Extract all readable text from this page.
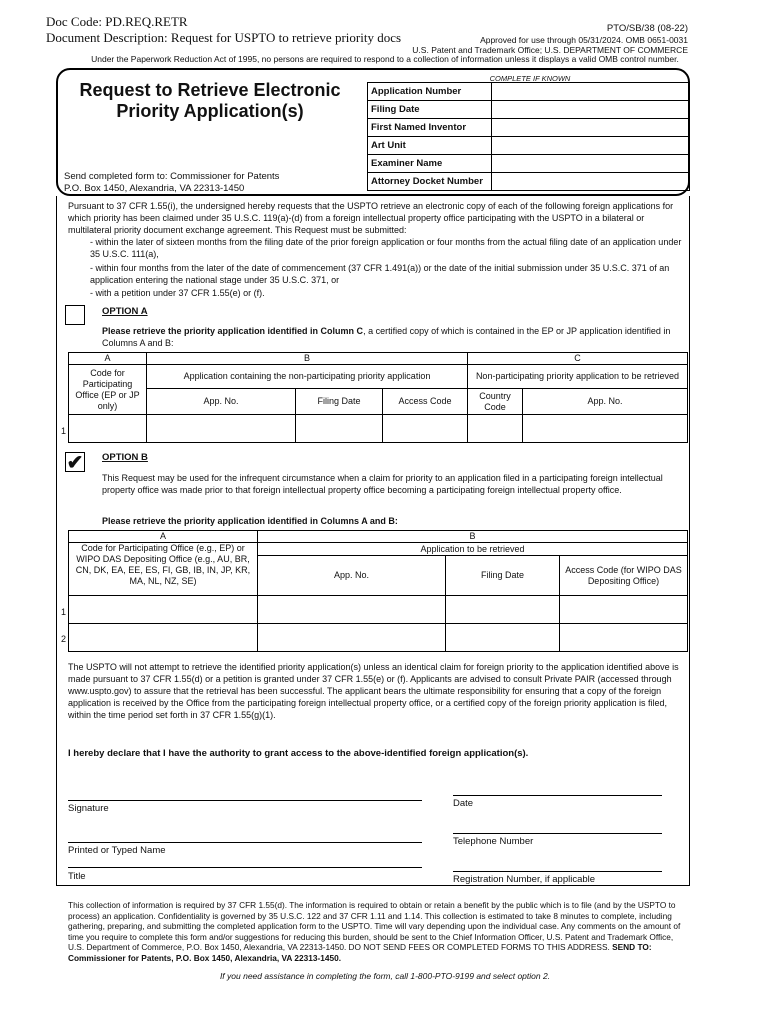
Doc Code: PD.REQ.RETR
Document Description: Request for USPTO to retrieve priority docs
PTO/SB/38 (08-22)
Approved for use through 05/31/2024. OMB 0651-0031
U.S. Patent and Trademark Office; U.S. DEPARTMENT OF COMMERCE
Under the Paperwork Reduction Act of 1995, no persons are required to respond to a collection of information unless it displays a valid OMB control number.
Request to Retrieve Electronic
Priority Application(s)
Send completed form to: Commissioner for Patents
P.O. Box 1450, Alexandria, VA 22313-1450
COMPLETE IF KNOWN
Application Number	
Filing Date	
First Named Inventor	
Art Unit	
Examiner Name	
Attorney Docket Number	
Pursuant to 37 CFR 1.55(i), the undersigned hereby requests that the USPTO retrieve an electronic copy of each of the following foreign applications for which priority has been claimed under 35 U.S.C. 119(a)-(d) from a foreign intellectual property office participating with the USPTO in a bilateral or multilateral priority document exchange agreement. This Request must be submitted:
- within the later of sixteen months from the filing date of the prior foreign application or four months from the actual filing date of an application under 35 U.S.C. 111(a),
- within four months from the later of the date of commencement (37 CFR 1.491(a)) or the date of the initial submission under 35 U.S.C. 371 of an application entering the national stage under 35 U.S.C. 371, or
- with a petition under 37 CFR 1.55(e) or (f).
OPTION A
Please retrieve the priority application identified in Column C, a certified copy of which is contained in the EP or JP application identified in Columns A and B:
A	B			C	
Code for Participating Office (EP or JP only)	Application containing the non-participating priority application			Non-participating priority application to be retrieved	
	App. No.	Filing Date	Access Code	Country Code	App. No.

1
✔ OPTION B
This Request may be used for the infrequent circumstance when a claim for priority to an application filed in a participating foreign intellectual property office was made prior to that foreign intellectual property office becoming a participating foreign intellectual property office.
Please retrieve the priority application identified in Columns A and B:
A	B		
Code for Participating Office (e.g., EP) or WIPO DAS Depositing Office (e.g., AU, BR, CN, DK, EA, EE, ES, FI, GB, IB, IN, JP, KR, MA, NL, NZ, SE)	Application to be retrieved		
	App. No.	Filing Date	Access Code (for WIPO DAS Depositing Office)

1
2
The USPTO will not attempt to retrieve the identified priority application(s) unless an identical claim for foreign priority to the application identified above is made pursuant to 37 CFR 1.55(d) or a petition is granted under 37 CFR 1.55(e) or (f). Applicants are advised to consult Private PAIR (accessed through www.uspto.gov) to assure that the retrieval has been successful. The applicant bears the ultimate responsibility for ensuring that a copy of the foreign application is received by the Office from the participating foreign intellectual property office, or a certified copy of the foreign priority application is filed, within the time period set forth in 37 CFR 1.55(g)(1).
I hereby declare that I have the authority to grant access to the above-identified foreign application(s).
Signature	Date
Printed or Typed Name
Telephone Number
Title	Registration Number, if applicable
This collection of information is required by 37 CFR 1.55(d). The information is required to obtain or retain a benefit by the public which is to file (and by the USPTO to process) an application. Confidentiality is governed by 35 U.S.C. 122 and 37 CFR 1.11 and 1.14. This collection is estimated to take 8 minutes to complete, including gathering, preparing, and submitting the completed application form to the USPTO. Time will vary depending upon the individual case. Any comments on the amount of time you require to complete this form and/or suggestions for reducing this burden, should be sent to the Chief Information Officer, U.S. Patent and Trademark Office, U.S. Department of Commerce, P.O. Box 1450, Alexandria, VA 22313-1450. DO NOT SEND FEES OR COMPLETED FORMS TO THIS ADDRESS. SEND TO: Commissioner for Patents, P.O. Box 1450, Alexandria, VA 22313-1450.
If you need assistance in completing the form, call 1-800-PTO-9199 and select option 2.
